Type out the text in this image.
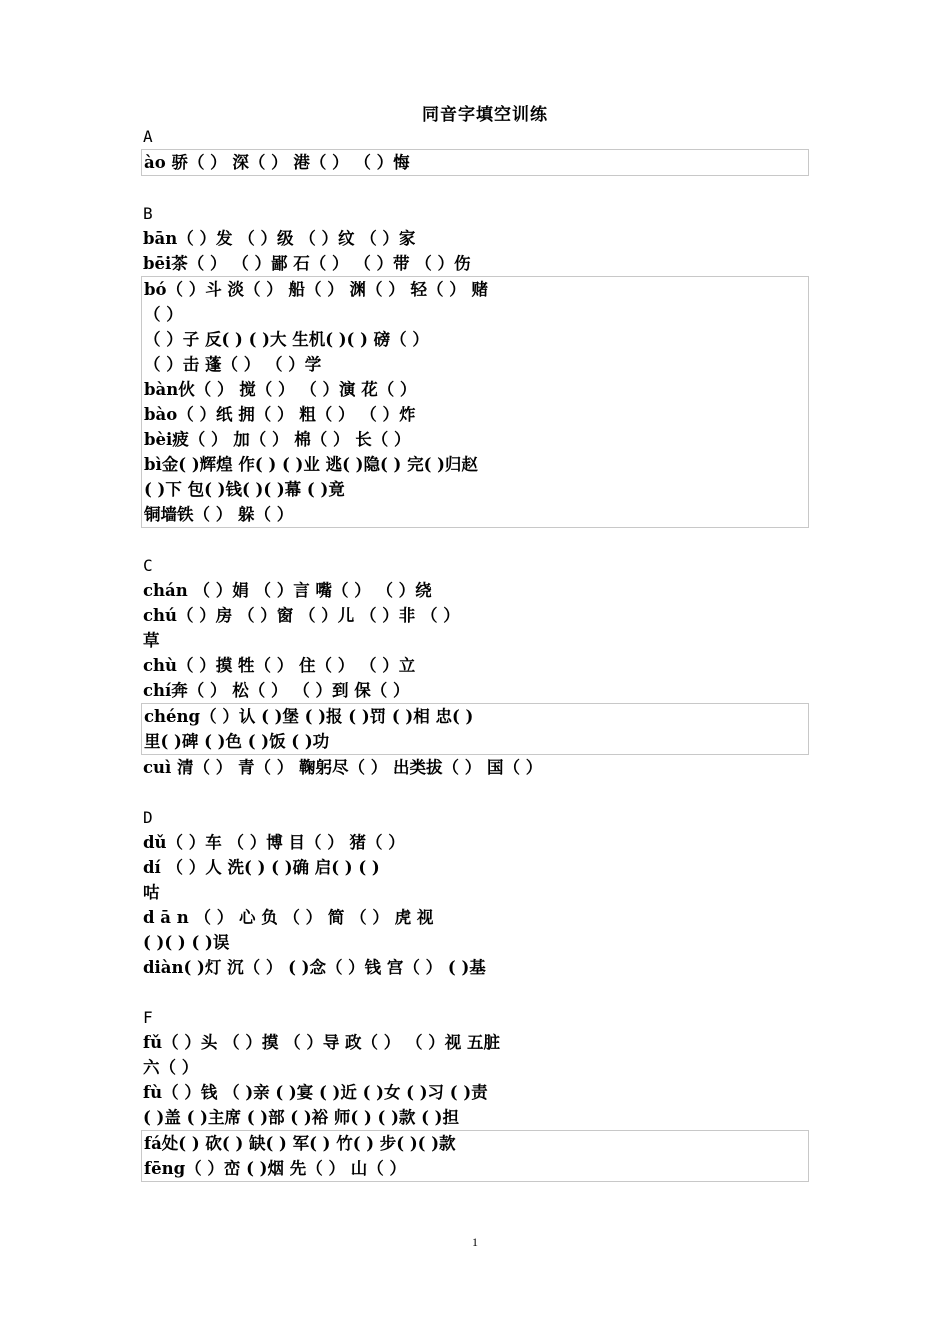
同音字填空训练
A
ào 骄（ ） 深（ ） 港（ ） （ ）悔
B
bān（ ）发 （ ）级 （ ）纹 （ ）家
bēi茶（ ） （ ）鄙 石（ ） （ ）带 （ ）伤
bó（ ）斗 淡（ ） 船（ ） 渊（ ） 轻（ ） 赌
（ ）
（ ）子 反( ) ( )大 生机( )( ) 磅（ ）
（ ）击 蓬（ ） （ ）学
bàn伙（ ） 搅（ ） （ ）演 花（ ）
bào（ ）纸 拥（ ） 粗（ ） （ ）炸
bèi疲（ ） 加（ ） 棉（ ） 长（ ）
bì金( )辉煌 作( ) ( )业 逃( )隐( ) 完( )归赵
( )下 包( )钱( )( )幕 ( )竟
铜墙铁（ ） 躲（ ）
C
chán （ ）娟 （ ）言 嘴（ ） （ ）绕
chú（ ）房 （ ）窗 （ ）儿 （ ）非 （ ）
草
chù（ ）摸 牲（ ） 住（ ） （ ）立
chí奔（ ） 松（ ） （ ）到 保（ ）
chéng（ ）认 ( )堡 ( )报 ( )罚 ( )相 忠( )
里( )碑 ( )色 ( )饭 ( )功
cuì 清（ ） 青（ ） 鞠躬尽（ ） 出类拔（ ） 国（ ）
D
dǔ（ ）车 （ ）博 目（ ） 猪（ ）
dí （ ）人 洗( ) ( )确 启( ) ( )
咕
d ā n （ ） 心 负 （ ） 简 （ ） 虎 视
( )( ) ( )误
diàn( )灯 沉（ ） ( )念（ ）钱 宫（ ） ( )基
F
fǔ（ ）头 （ ）摸 （ ）导 政（ ） （ ）视 五脏
六（ ）
fù（ ）钱 （ )亲 ( )宴 ( )近 ( )女 ( )习 ( )责
( )盖 ( )主席 ( )部 ( )裕 师( ) ( )款 ( )担
fá处( ) 砍( ) 缺( ) 军( ) 竹( ) 步( )( )款
fēng（ ）峦 ( )烟 先（ ） 山（ ）
1
